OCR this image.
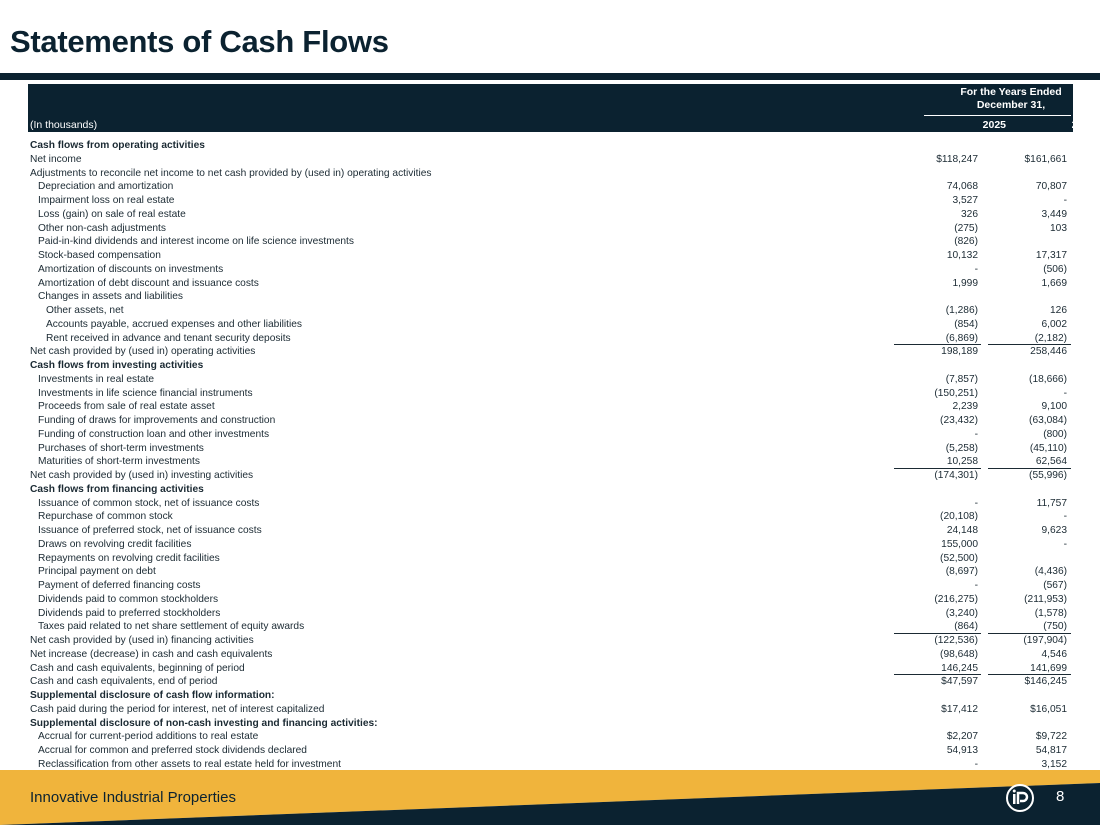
Statements of Cash Flows
For the Years Ended
December 31,
(In thousands)	2025	2024
Cash flows from operating activities
Net income	$118,247	$161,661
Adjustments to reconcile net income to net cash provided by (used in) operating activities
Depreciation and amortization	74,068	70,807
Impairment loss on real estate	3,527	-
Loss (gain) on sale of real estate	326	3,449
Other non-cash adjustments	(275)	103
Paid-in-kind dividends and interest income on life science investments	(826)
Stock-based compensation	10,132	17,317
Amortization of discounts on investments	-	(506)
Amortization of debt discount and issuance costs	1,999	1,669
Changes in assets and liabilities
Other assets, net	(1,286)	126
Accounts payable, accrued expenses and other liabilities	(854)	6,002
Rent received in advance and tenant security deposits	(6,869)	(2,182)
Net cash provided by (used in) operating activities	198,189	258,446
Cash flows from investing activities
Investments in real estate	(7,857)	(18,666)
Investments in life science financial instruments	(150,251)	-
Proceeds from sale of real estate asset	2,239	9,100
Funding of draws for improvements and construction	(23,432)	(63,084)
Funding of construction loan and other investments	-	(800)
Purchases of short-term investments	(5,258)	(45,110)
Maturities of short-term investments	10,258	62,564
Net cash provided by (used in) investing activities	(174,301)	(55,996)
Cash flows from financing activities
Issuance of common stock, net of issuance costs	-	11,757
Repurchase of common stock	(20,108)	-
Issuance of preferred stock, net of issuance costs	24,148	9,623
Draws on revolving credit facilities	155,000	-
Repayments on revolving credit facilities	(52,500)
Principal payment on debt	(8,697)	(4,436)
Payment of deferred financing costs	-	(567)
Dividends paid to common stockholders	(216,275)	(211,953)
Dividends paid to preferred stockholders	(3,240)	(1,578)
Taxes paid related to net share settlement of equity awards	(864)	(750)
Net cash provided by (used in) financing activities	(122,536)	(197,904)
Net increase (decrease) in cash and cash equivalents	(98,648)	4,546
Cash and cash equivalents, beginning of period	146,245	141,699
Cash and cash equivalents, end of period	$47,597	$146,245
Supplemental disclosure of cash flow information:
Cash paid during the period for interest, net of interest capitalized	$17,412	$16,051
Supplemental disclosure of non-cash investing and financing activities:
Accrual for current-period additions to real estate	$2,207	$9,722
Accrual for common and preferred stock dividends declared	54,913	54,817
Reclassification from other assets to real estate held for investment	-	3,152
Innovative Industrial Properties	8
